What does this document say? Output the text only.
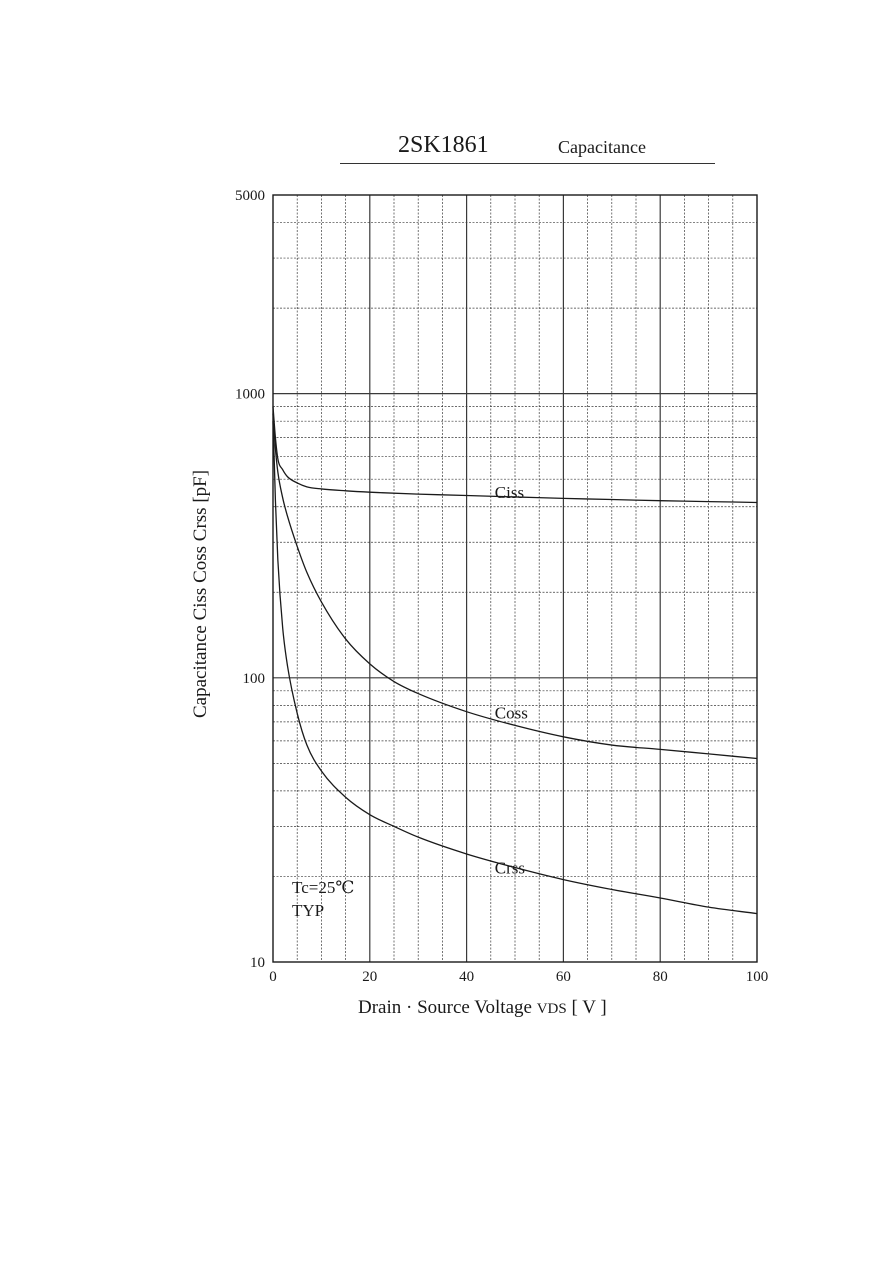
2SK1861	Capacitance
Ciss
Coss
Crss
0	20	40	60	80	100
10
100
1000
5000
Drain · Source Voltage VDS [ V ]
Capacitance Ciss Coss Crss [pF]
Tc=25℃
TYP
